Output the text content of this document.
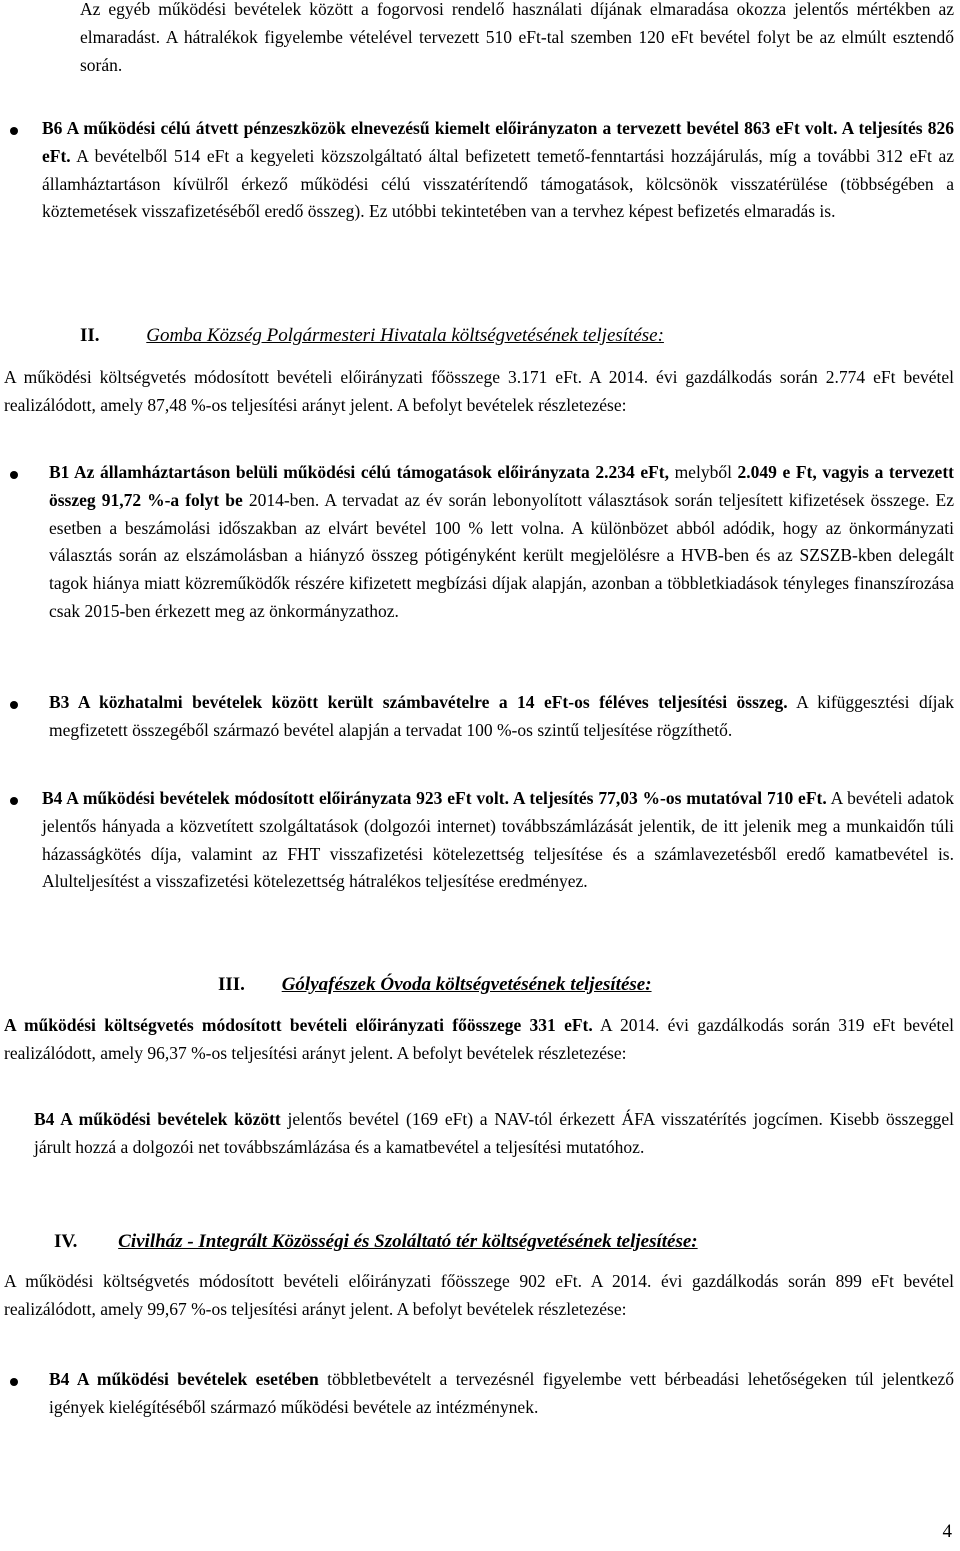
Az egyéb működési bevételek között a fogorvosi rendelő használati díjának elmaradása okozza jelentős mértékben az elmaradást. A hátralékok figyelembe vételével tervezett 510 eFt-tal szemben 120 eFt bevétel folyt be az elmúlt esztendő során.

B6 A működési célú átvett pénzeszközök elnevezésű kiemelt előirányzaton a tervezett bevétel 863 eFt volt. A teljesítés 826 eFt. A bevételből 514 eFt a kegyeleti közszolgáltató által befizetett temető-fenntartási hozzájárulás, míg a további 312 eFt az államháztartáson kívülről érkező működési célú visszatérítendő támogatások, kölcsönök visszatérülése (többségében a köztemetések visszafizetéséből eredő összeg). Ez utóbbi tekintetében van a tervhez képest befizetés elmaradás is.

II. Gomba Község Polgármesteri Hivatala költségvetésének teljesítése:

A működési költségvetés módosított bevételi előirányzati főösszege 3.171 eFt. A 2014. évi gazdálkodás során 2.774 eFt bevétel realizálódott, amely 87,48 %-os teljesítési arányt jelent. A befolyt bevételek részletezése:

B1 Az államháztartáson belüli működési célú támogatások előirányzata 2.234 eFt, melyből 2.049 e Ft, vagyis a tervezett összeg 91,72 %-a folyt be 2014-ben. A tervadat az év során lebonyolított választások során teljesített kifizetések összege. Ez esetben a beszámolási időszakban az elvárt bevétel 100 % lett volna. A különbözet abból adódik, hogy az önkormányzati választás során az elszámolásban a hiányzó összeg pótigényként került megjelölésre a HVB-ben és az SZSZB-kben delegált tagok hiánya miatt közreműködők részére kifizetett megbízási díjak alapján, azonban a többletkiadások tényleges finanszírozása csak 2015-ben érkezett meg az önkormányzathoz.

B3 A közhatalmi bevételek között került számbavételre a 14 eFt-os féléves teljesítési összeg. A kifüggesztési díjak megfizetett összegéből származó bevétel alapján a tervadat 100 %-os szintű teljesítése rögzíthető.

B4 A működési bevételek módosított előirányzata 923 eFt volt. A teljesítés 77,03 %-os mutatóval 710 eFt. A bevételi adatok jelentős hányada a közvetített szolgáltatások (dolgozói internet) továbbszámlázását jelentik, de itt jelenik meg a munkaidőn túli házasságkötés díja, valamint az FHT visszafizetési kötelezettség teljesítése és a számlavezetésből eredő kamatbevétel is. Alulteljesítést a visszafizetési kötelezettség hátralékos teljesítése eredményez.

III. Gólyafészek Óvoda költségvetésének teljesítése:

A működési költségvetés módosított bevételi előirányzati főösszege 331 eFt. A 2014. évi gazdálkodás során 319 eFt bevétel realizálódott, amely 96,37 %-os teljesítési arányt jelent. A befolyt bevételek részletezése:

B4 A működési bevételek között jelentős bevétel (169 eFt) a NAV-tól érkezett ÁFA visszatérítés jogcímen. Kisebb összeggel járult hozzá a dolgozói net továbbszámlázása és a kamatbevétel a teljesítési mutatóhoz.

IV. Civilház - Integrált Közösségi és Szoláltató tér költségvetésének teljesítése:

A működési költségvetés módosított bevételi előirányzati főösszege 902 eFt. A 2014. évi gazdálkodás során 899 eFt bevétel realizálódott, amely 99,67 %-os teljesítési arányt jelent. A befolyt bevételek részletezése:

B4 A működési bevételek esetében többletbevételt a tervezésnél figyelembe vett bérbeadási lehetőségeken túl jelentkező igények kielégítéséből származó működési bevétele az intézménynek.

4
